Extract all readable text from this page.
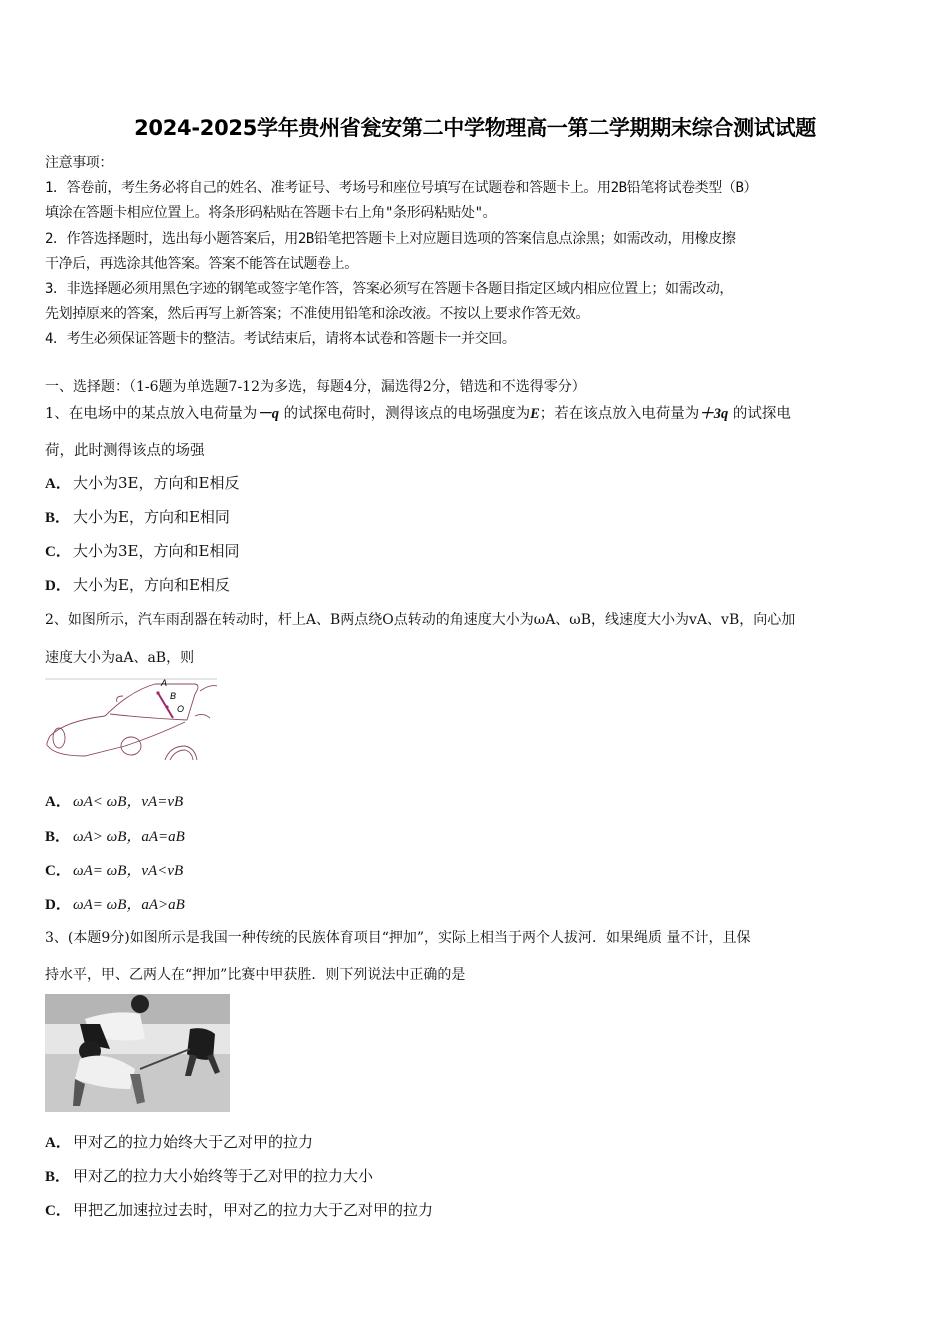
2024-2025学年贵州省瓮安第二中学物理高一第二学期期末综合测试试题
注意事项：
1．答卷前，考生务必将自己的姓名、准考证号、考场号和座位号填写在试题卷和答题卡上。用2B铅笔将试卷类型（B）
填涂在答题卡相应位置上。将条形码粘贴在答题卡右上角"条形码粘贴处"。
2．作答选择题时，选出每小题答案后，用2B铅笔把答题卡上对应题目选项的答案信息点涂黑；如需改动，用橡皮擦
干净后，再选涂其他答案。答案不能答在试题卷上。
3．非选择题必须用黑色字迹的钢笔或签字笔作答，答案必须写在答题卡各题目指定区域内相应位置上；如需改动，
先划掉原来的答案，然后再写上新答案；不准使用铅笔和涂改液。不按以上要求作答无效。
4．考生必须保证答题卡的整洁。考试结束后，请将本试卷和答题卡一并交回。
一、选择题：（1-6题为单选题7-12为多选，每题4分，漏选得2分，错选和不选得零分）
1、在电场中的某点放入电荷量为－q 的试探电荷时，测得该点的电场强度为E；若在该点放入电荷量为＋3q 的试探电
荷，此时测得该点的场强
A． 大小为3E，方向和E相反
B． 大小为E，方向和E相同
C． 大小为3E，方向和E相同
D． 大小为E，方向和E相反
2、如图所示，汽车雨刮器在转动时，杆上A、B两点绕O点转动的角速度大小为ωA、ωB，线速度大小为vA、vB，向心加
速度大小为aA、aB，则
A
B
O
A． ωA< ωB，vA=vB
B． ωA> ωB，aA=aB
C． ωA= ωB，vA<vB
D． ωA= ωB，aA>aB
3、(本题9分)如图所示是我国一种传统的民族体育项目“押加”，实际上相当于两个人拔河．如果绳质 量不计，且保
持水平，甲、乙两人在“押加”比赛中甲获胜．则下列说法中正确的是
A． 甲对乙的拉力始终大于乙对甲的拉力
B． 甲对乙的拉力大小始终等于乙对甲的拉力大小
C． 甲把乙加速拉过去时，甲对乙的拉力大于乙对甲的拉力
